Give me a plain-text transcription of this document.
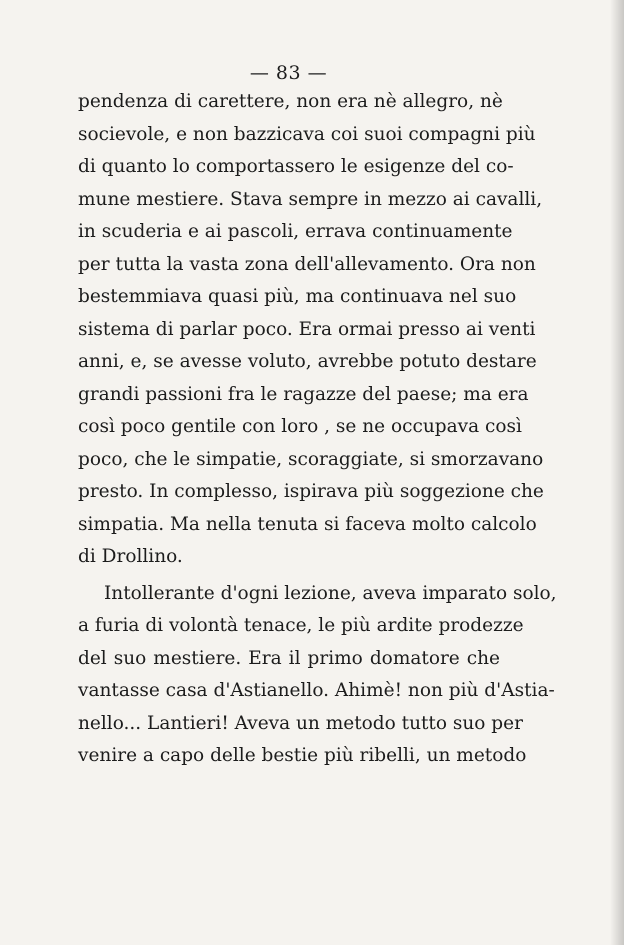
— 83 —
pendenza di carettere, non era nè allegro, nè
socievole, e non bazzicava coi suoi compagni più
di quanto lo comportassero le esigenze del co-
mune mestiere. Stava sempre in mezzo ai cavalli,
in scuderia e ai pascoli, errava continuamente
per tutta la vasta zona dell'allevamento. Ora non
bestemmiava quasi più, ma continuava nel suo
sistema di parlar poco. Era ormai presso ai venti
anni, e, se avesse voluto, avrebbe potuto destare
grandi passioni fra le ragazze del paese; ma era
così poco gentile con loro , se ne occupava così
poco, che le simpatie, scoraggiate, si smorzavano
presto. In complesso, ispirava più soggezione che
simpatia. Ma nella tenuta si faceva molto calcolo
di Drollino.
Intollerante d'ogni lezione, aveva imparato solo,
a furia di volontà tenace, le più ardite prodezze
del suo mestiere. Era il primo domatore che
vantasse casa d'Astianello. Ahimè! non più d'Astia-
nello... Lantieri! Aveva un metodo tutto suo per
venire a capo delle bestie più ribelli, un metodo
